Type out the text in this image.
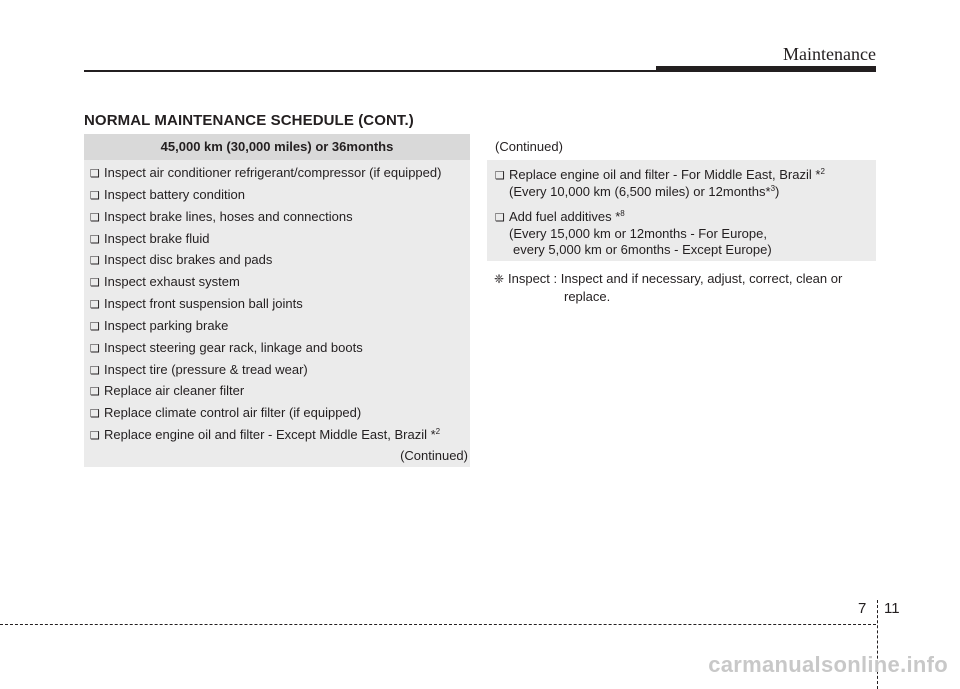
Maintenance
NORMAL MAINTENANCE SCHEDULE (CONT.)
45,000 km (30,000 miles) or 36months
❑ Inspect air conditioner refrigerant/compressor (if equipped)
❑ Inspect battery condition
❑ Inspect brake lines, hoses and connections
❑ Inspect brake fluid
❑ Inspect disc brakes and pads
❑ Inspect exhaust system
❑ Inspect front suspension ball joints
❑ Inspect parking brake
❑ Inspect steering gear rack, linkage and boots
❑ Inspect tire (pressure & tread wear)
❑ Replace air cleaner filter
❑ Replace climate control air filter (if equipped)
❑ Replace engine oil and filter - Except Middle East, Brazil *$^2$
(Continued)
(Continued)
❑ Replace engine oil and filter - For Middle East, Brazil *$^2$
(Every 10,000 km (6,500 miles) or 12months*$^3$)
❑ Add fuel additives *$^8$
(Every 15,000 km or 12months - For Europe,
every 5,000 km or 6months - Except Europe)
❈ Inspect : Inspect and if necessary, adjust, correct, clean or
replace.
7 11
carmanualsonline.info
